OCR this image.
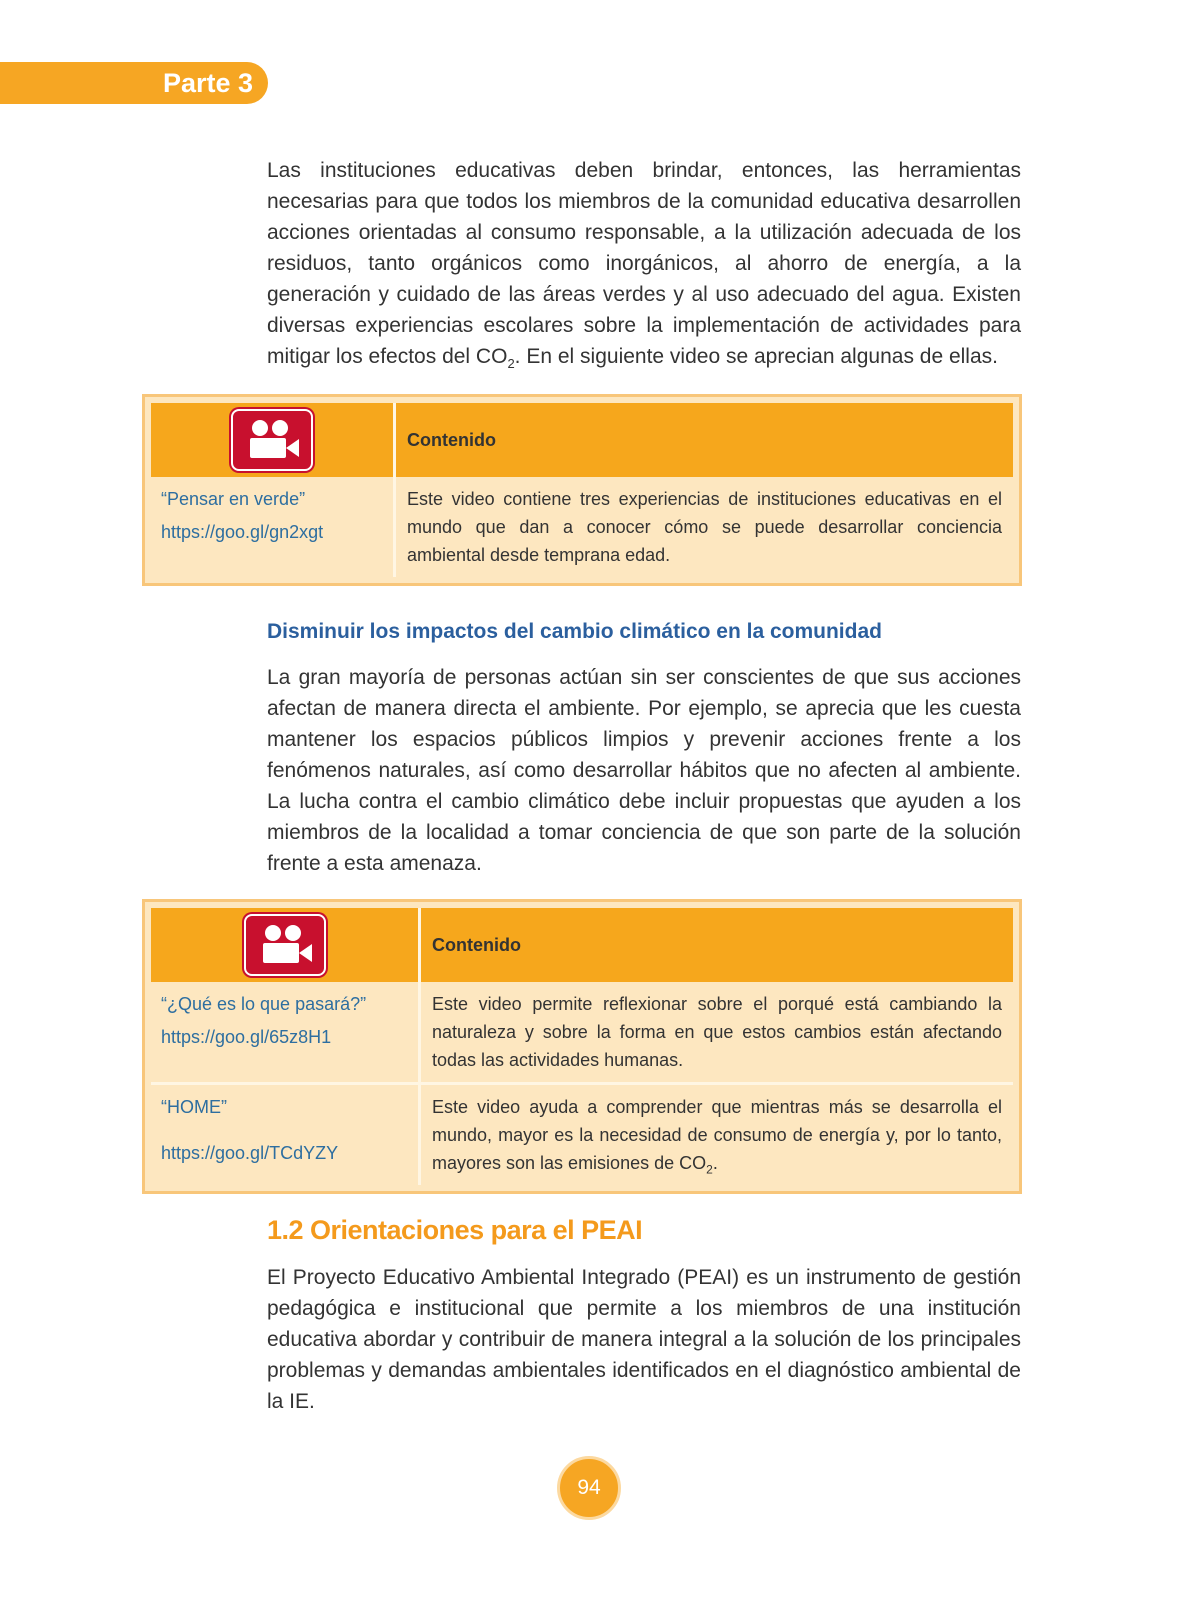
Parte 3

Las instituciones educativas deben brindar, entonces, las herramientas necesarias para que todos los miembros de la comunidad educativa desarrollen acciones orientadas al consumo responsable, a la utilización adecuada de los residuos, tanto orgánicos como inorgánicos, al ahorro de energía, a la generación y cuidado de las áreas verdes y al uso adecuado del agua. Existen diversas experiencias escolares sobre la implementación de actividades para mitigar los efectos del $CO_2$. En el siguiente video se aprecian algunas de ellas.

	Contenido

“Pensar en verde”
https://goo.gl/gn2xgt	Este video contiene tres experiencias de instituciones educativas en el mundo que dan a conocer cómo se puede desarrollar conciencia ambiental desde temprana edad.
Disminuir los impactos del cambio climático en la comunidad

La gran mayoría de personas actúan sin ser conscientes de que sus acciones afectan de manera directa el ambiente. Por ejemplo, se aprecia que les cuesta mantener los espacios públicos limpios y prevenir acciones frente a los fenómenos naturales, así como desarrollar hábitos que no afecten al ambiente. La lucha contra el cambio climático debe incluir propuestas que ayuden a los miembros de la localidad a tomar conciencia de que son parte de la solución frente a esta amenaza.

	Contenido

“¿Qué es lo que pasará?”
https://goo.gl/65z8H1	Este video permite reflexionar sobre el porqué está cambiando la naturaleza y sobre la forma en que estos cambios están afectando todas las actividades humanas.

“HOME”
https://goo.gl/TCdYZY	Este video ayuda a comprender que mientras más se desarrolla el mundo, mayor es la necesidad de consumo de energía y, por lo tanto, mayores son las emisiones de $CO_2$.
1.2 Orientaciones para el PEAI

El Proyecto Educativo Ambiental Integrado (PEAI) es un instrumento de gestión pedagógica e institucional que permite a los miembros de una institución educativa abordar y contribuir de manera integral a la solución de los principales problemas y demandas ambientales identificados en el diagnóstico ambiental de la IE.

94
